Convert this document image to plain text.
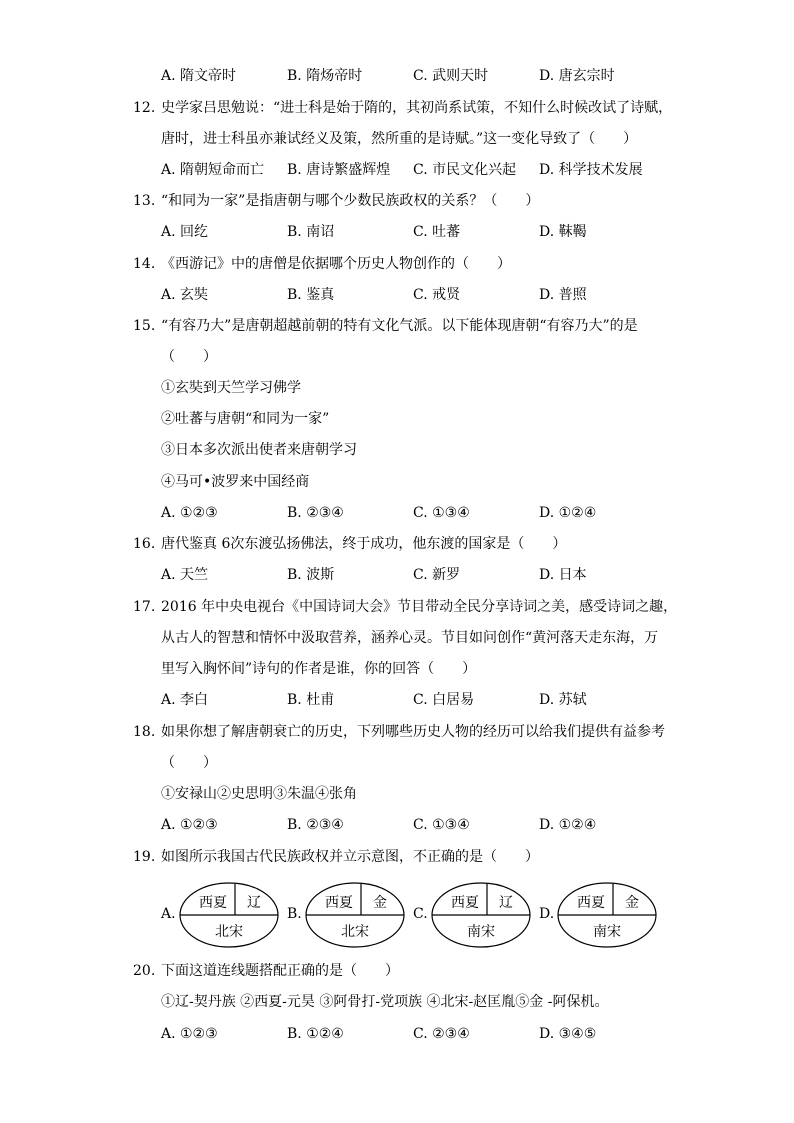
A. 隋文帝时	B. 隋炀帝时	C. 武则天时	D. 唐玄宗时
12. 史学家吕思勉说：“进士科是始于隋的，其初尚系试策，不知什么时候改试了诗赋，
唐时，进士科虽亦兼试经义及策，然所重的是诗赋。”这一变化导致了（　　）
A. 隋朝短命而亡 B. 唐诗繁盛辉煌 C. 市民文化兴起 D. 科学技术发展
13. “和同为一家”是指唐朝与哪个少数民族政权的关系？（　　）
A. 回纥	B. 南诏	C. 吐蕃	D. 靺鞨
14. 《西游记》中的唐僧是依据哪个历史人物创作的（　　）
A. 玄奘	B. 鉴真	C. 戒贤	D. 普照
15. “有容乃大”是唐朝超越前朝的特有文化气派。以下能体现唐朝“有容乃大”的是
（　　）
①玄奘到天竺学习佛学
②吐蕃与唐朝“和同为一家”
③日本多次派出使者来唐朝学习
④马可•波罗来中国经商
A. ①②③	B. ②③④	C. ①③④	D. ①②④
16. 唐代鉴真 6次东渡弘扬佛法，终于成功，他东渡的国家是（　　）
A. 天竺	B. 波斯	C. 新罗	D. 日本
17. 2016 年中央电视台《中国诗词大会》节目带动全民分享诗词之美，感受诗词之趣，
从古人的智慧和情怀中汲取营养，涵养心灵。节目如问创作“黄河落天走东海，万
里写入胸怀间”诗句的作者是谁，你的回答（　　）
A. 李白	B. 杜甫	C. 白居易	D. 苏轼
18. 如果你想了解唐朝衰亡的历史，下列哪些历史人物的经历可以给我们提供有益参考
（　　）
①安禄山②史思明③朱温④张角
A. ①②③	B. ②③④	C. ①③④	D. ①②④
19. 如图所示我国古代民族政权并立示意图，不正确的是（　　）
A.
西夏 辽
北宋
B.
西夏 金
北宋
C.
西夏 辽
南宋
D.
西夏 金
南宋
20. 下面这道连线题搭配正确的是（　　）
①辽-契丹族 ②西夏-元昊 ③阿骨打-党项族 ④北宋-赵匡胤⑤金 -阿保机。
A. ①②③	B. ①②④	C. ②③④	D. ③④⑤
